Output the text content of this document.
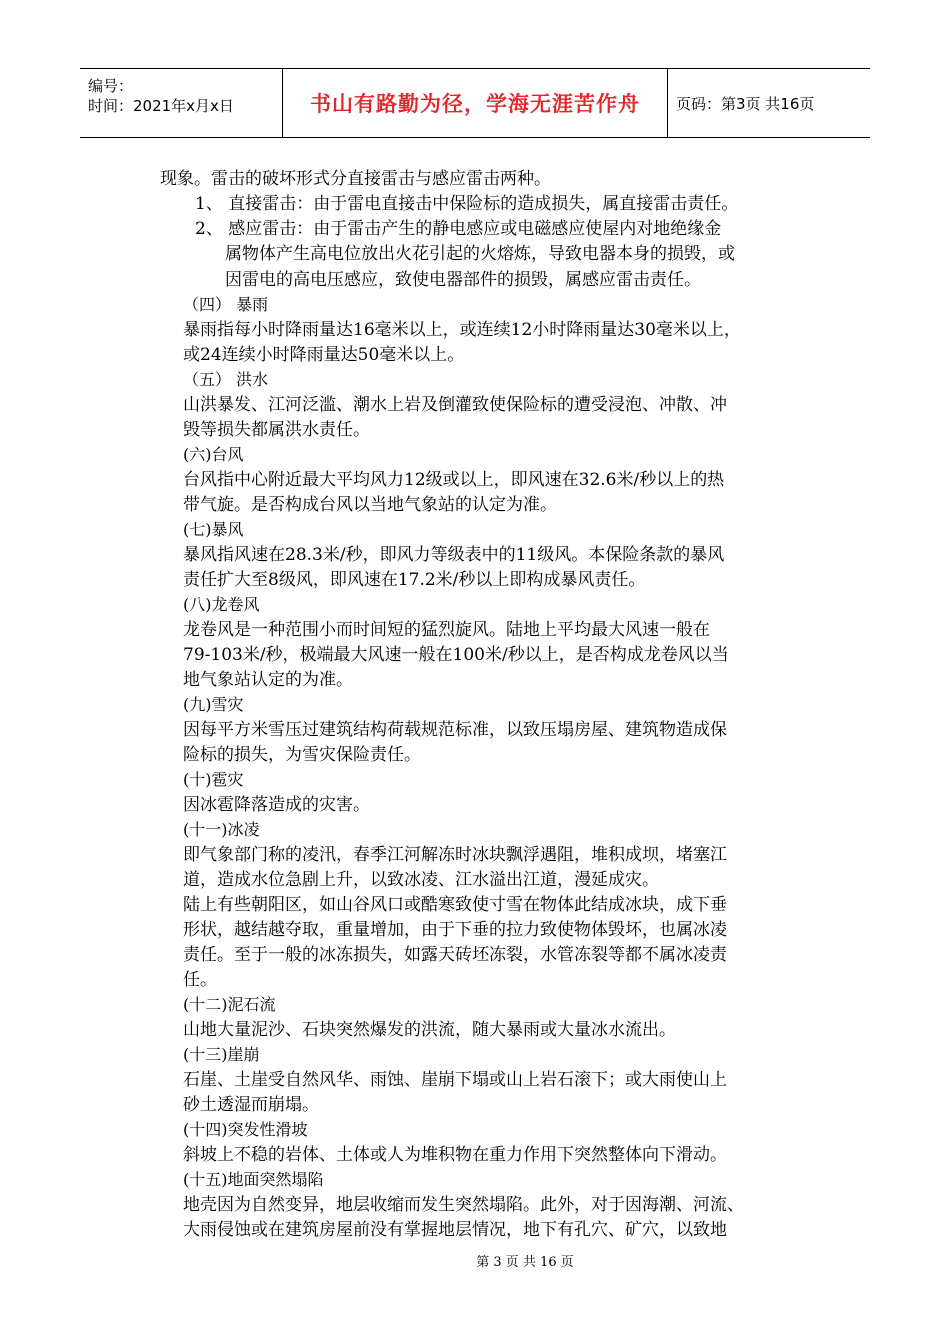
编号：
时间：2021年x月x日	书山有路勤为径，学海无涯苦作舟	页码：第3页 共16页
现象。雷击的破坏形式分直接雷击与感应雷击两种。
1、 直接雷击：由于雷电直接击中保险标的造成损失，属直接雷击责任。
2、 感应雷击：由于雷击产生的静电感应或电磁感应使屋内对地绝缘金
属物体产生高电位放出火花引起的火熔炼，导致电器本身的损毁，或
因雷电的高电压感应，致使电器部件的损毁，属感应雷击责任。
（四） 暴雨
暴雨指每小时降雨量达16毫米以上，或连续12小时降雨量达30毫米以上，
或24连续小时降雨量达50毫米以上。
（五） 洪水
山洪暴发、江河泛滥、潮水上岩及倒灌致使保险标的遭受浸泡、冲散、冲
毁等损失都属洪水责任。
(六)台风
台风指中心附近最大平均风力12级或以上，即风速在32.6米/秒以上的热
带气旋。是否构成台风以当地气象站的认定为准。
(七)暴风
暴风指风速在28.3米/秒，即风力等级表中的11级风。本保险条款的暴风
责任扩大至8级风，即风速在17.2米/秒以上即构成暴风责任。
(八)龙卷风
龙卷风是一种范围小而时间短的猛烈旋风。陆地上平均最大风速一般在
79-103米/秒，极端最大风速一般在100米/秒以上，是否构成龙卷风以当
地气象站认定的为准。
(九)雪灾
因每平方米雪压过建筑结构荷载规范标准，以致压塌房屋、建筑物造成保
险标的损失，为雪灾保险责任。
(十)雹灾
因冰雹降落造成的灾害。
(十一)冰凌
即气象部门称的凌汛，春季江河解冻时冰块飘浮遇阻，堆积成坝，堵塞江
道，造成水位急剧上升，以致冰凌、江水溢出江道，漫延成灾。
陆上有些朝阳区，如山谷风口或酷寒致使寸雪在物体此结成冰块，成下垂
形状，越结越夺取，重量增加，由于下垂的拉力致使物体毁坏，也属冰凌
责任。至于一般的冰冻损失，如露天砖坯冻裂，水管冻裂等都不属冰凌责
任。
(十二)泥石流
山地大量泥沙、石块突然爆发的洪流，随大暴雨或大量冰水流出。
(十三)崖崩
石崖、土崖受自然风华、雨蚀、崖崩下塌或山上岩石滚下；或大雨使山上
砂土透湿而崩塌。
(十四)突发性滑坡
斜坡上不稳的岩体、土体或人为堆积物在重力作用下突然整体向下滑动。
(十五)地面突然塌陷
地壳因为自然变异，地层收缩而发生突然塌陷。此外，对于因海潮、河流、
大雨侵蚀或在建筑房屋前没有掌握地层情况，地下有孔穴、矿穴，以致地
第 3 页 共 16 页
